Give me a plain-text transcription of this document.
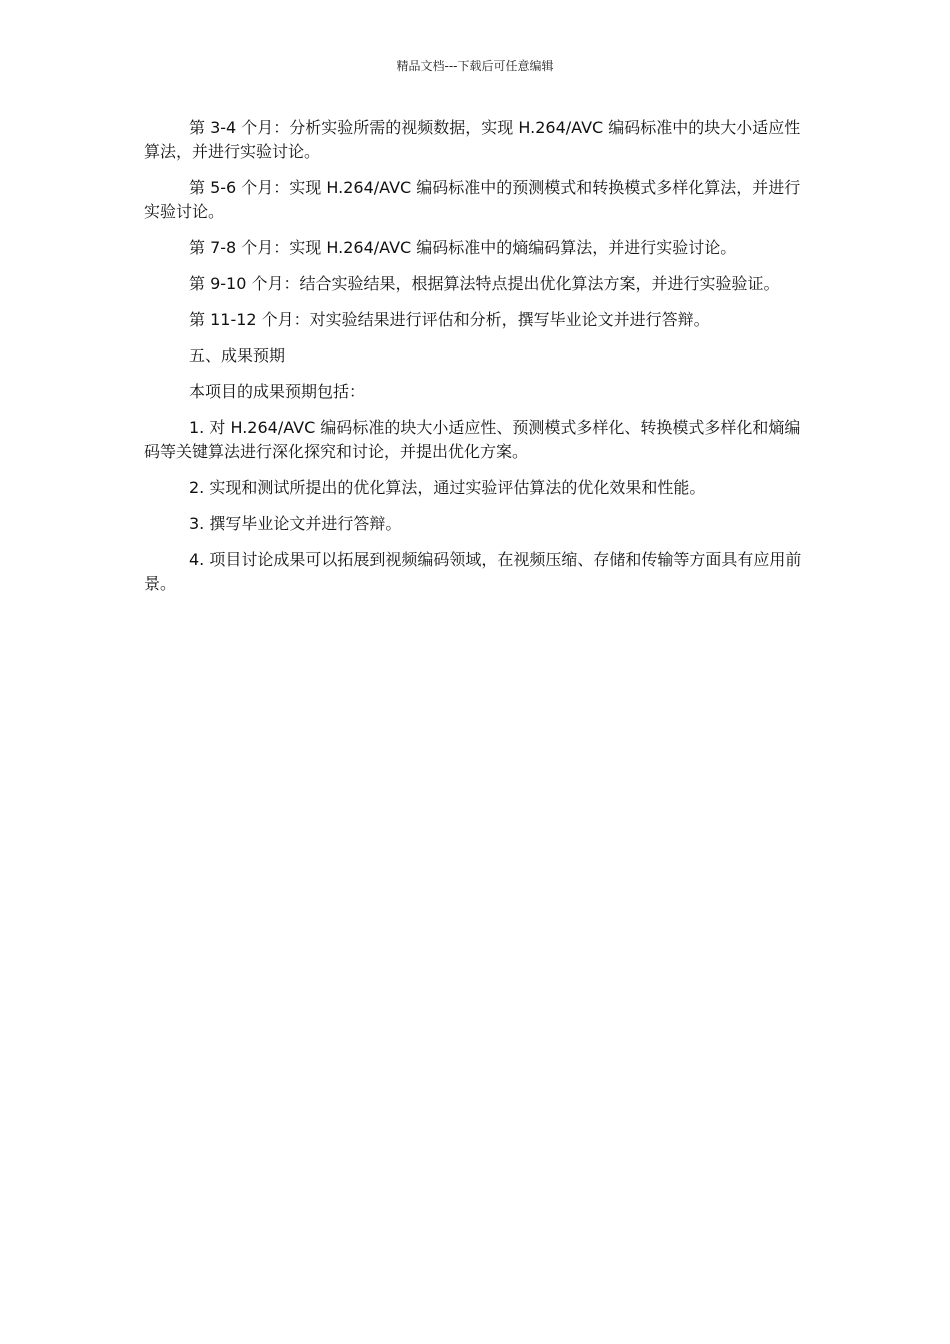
精品文档---下载后可任意编辑

第 3-4 个月：分析实验所需的视频数据，实现 H.264/AVC 编码标准中的块大小适应性算法，并进行实验讨论。

第 5-6 个月：实现 H.264/AVC 编码标准中的预测模式和转换模式多样化算法，并进行实验讨论。

第 7-8 个月：实现 H.264/AVC 编码标准中的熵编码算法，并进行实验讨论。

第 9-10 个月：结合实验结果，根据算法特点提出优化算法方案，并进行实验验证。

第 11-12 个月：对实验结果进行评估和分析，撰写毕业论文并进行答辩。

五、成果预期

本项目的成果预期包括：

1. 对 H.264/AVC 编码标准的块大小适应性、预测模式多样化、转换模式多样化和熵编码等关键算法进行深化探究和讨论，并提出优化方案。

2. 实现和测试所提出的优化算法，通过实验评估算法的优化效果和性能。

3. 撰写毕业论文并进行答辩。

4. 项目讨论成果可以拓展到视频编码领域，在视频压缩、存储和传输等方面具有应用前景。
